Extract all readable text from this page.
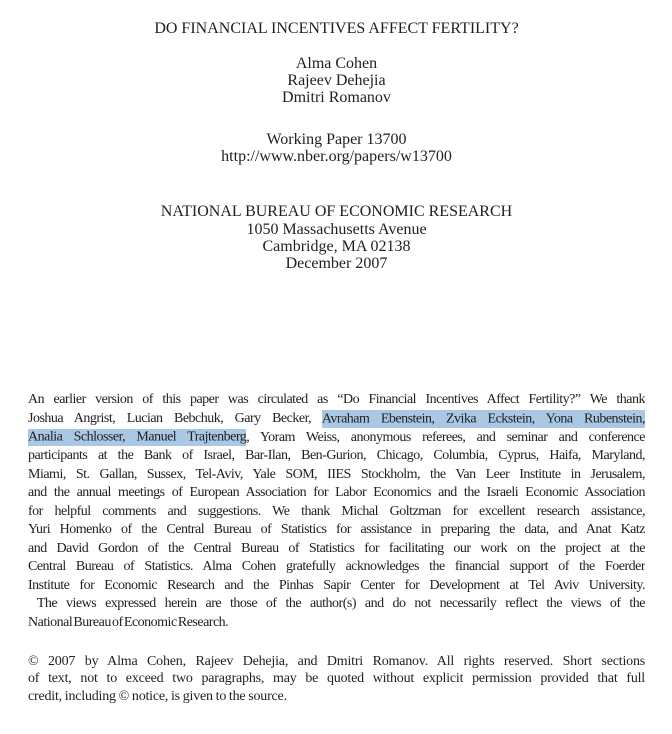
DO FINANCIAL INCENTIVES AFFECT FERTILITY?
Alma Cohen
Rajeev Dehejia
Dmitri Romanov
Working Paper 13700
http://www.nber.org/papers/w13700
NATIONAL BUREAU OF ECONOMIC RESEARCH
1050 Massachusetts Avenue
Cambridge, MA 02138
December 2007
An earlier version of this paper was circulated as “Do Financial Incentives Affect Fertility?” We thank
Joshua Angrist, Lucian Bebchuk, Gary Becker, Avraham Ebenstein, Zvika Eckstein, Yona Rubenstein,
Analia Schlosser, Manuel Trajtenberg, Yoram Weiss, anonymous referees, and seminar and conference
participants at the Bank of Israel, Bar-Ilan, Ben-Gurion, Chicago, Columbia, Cyprus, Haifa, Maryland,
Miami, St. Gallan, Sussex, Tel-Aviv, Yale SOM, IIES Stockholm, the Van Leer Institute in Jerusalem,
and the annual meetings of European Association for Labor Economics and the Israeli Economic Association
for helpful comments and suggestions. We thank Michal Goltzman for excellent research assistance,
Yuri Homenko of the Central Bureau of Statistics for assistance in preparing the data, and Anat Katz
and David Gordon of the Central Bureau of Statistics for facilitating our work on the project at the
Central Bureau of Statistics. Alma Cohen gratefully acknowledges the financial support of the Foerder
Institute for Economic Research and the Pinhas Sapir Center for Development at Tel Aviv University.
The views expressed herein are those of the author(s) and do not necessarily reflect the views of the
National Bureau of Economic Research.
© 2007 by Alma Cohen, Rajeev Dehejia, and Dmitri Romanov. All rights reserved. Short sections
of text, not to exceed two paragraphs, may be quoted without explicit permission provided that full
credit, including © notice, is given to the source.
